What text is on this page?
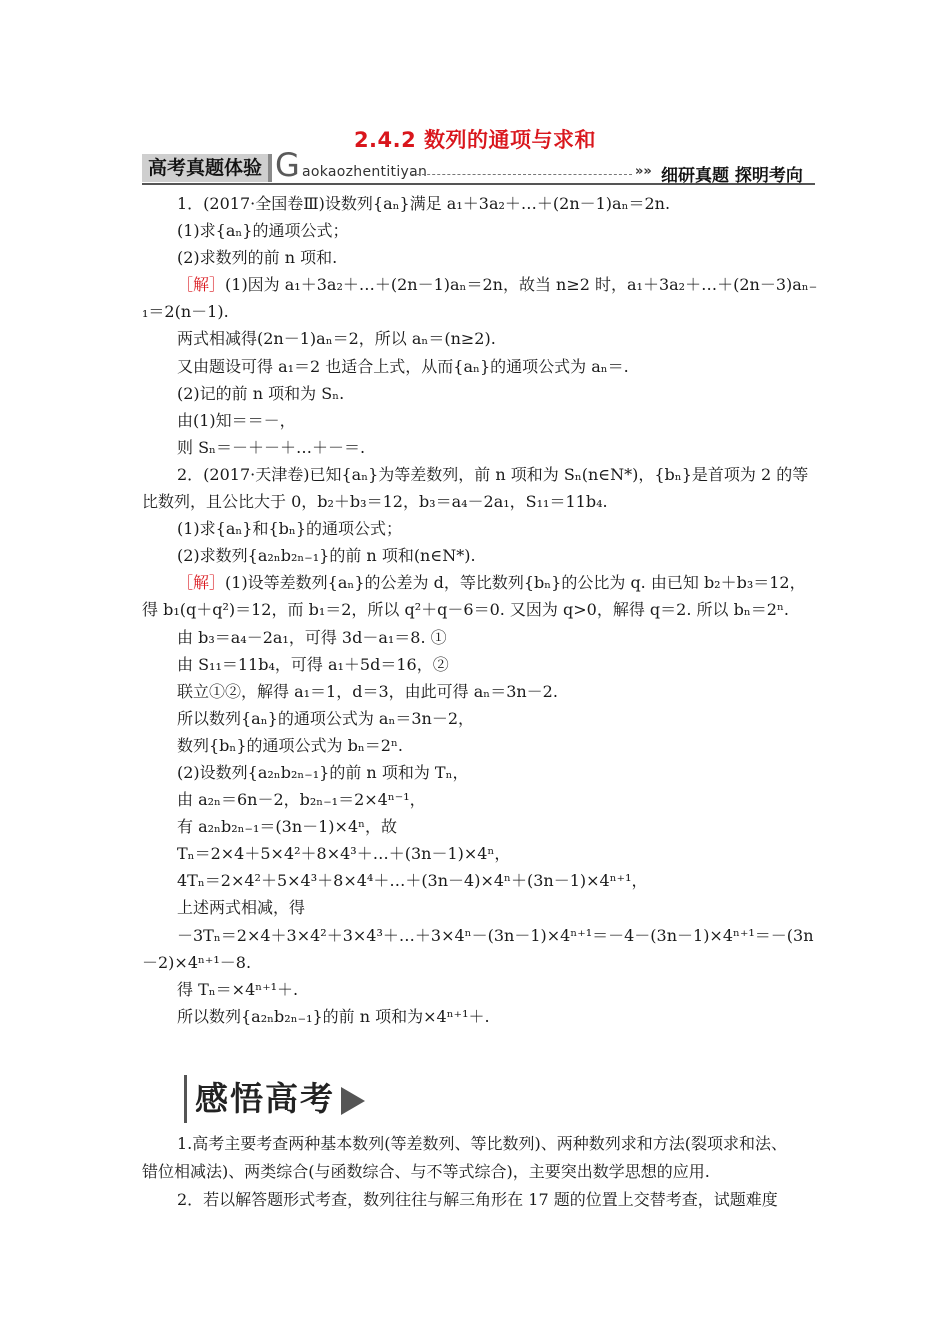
2.4.2 数列的通项与求和
高考真题体验 G aokaozhentitiyan	»» 细研真题 探明考向
1．(2017·全国卷Ⅲ)设数列{aₙ}满足 a₁＋3a₂＋…＋(2n－1)aₙ＝2n.
(1)求{aₙ}的通项公式；
(2)求数列的前 n 项和.
［解］(1)因为 a₁＋3a₂＋…＋(2n－1)aₙ＝2n，故当 n≥2 时，a₁＋3a₂＋…＋(2n－3)aₙ₋
₁＝2(n－1).
两式相减得(2n－1)aₙ＝2，所以 aₙ＝(n≥2).
又由题设可得 a₁＝2 也适合上式，从而{aₙ}的通项公式为 aₙ＝.
(2)记的前 n 项和为 Sₙ.
由(1)知＝＝－，
则 Sₙ＝－＋－＋…＋－＝.
2．(2017·天津卷)已知{aₙ}为等差数列，前 n 项和为 Sₙ(n∈N*)，{bₙ}是首项为 2 的等
比数列，且公比大于 0，b₂＋b₃＝12，b₃＝a₄－2a₁，S₁₁＝11b₄.
(1)求{aₙ}和{bₙ}的通项公式；
(2)求数列{a₂ₙb₂ₙ₋₁}的前 n 项和(n∈N*).
［解］(1)设等差数列{aₙ}的公差为 d，等比数列{bₙ}的公比为 q. 由已知 b₂＋b₃＝12，
得 b₁(q＋q²)＝12，而 b₁＝2，所以 q²＋q－6＝0. 又因为 q>0，解得 q＝2. 所以 bₙ＝2ⁿ.
由 b₃＝a₄－2a₁，可得 3d－a₁＝8. ①
由 S₁₁＝11b₄，可得 a₁＋5d＝16，②
联立①②，解得 a₁＝1，d＝3，由此可得 aₙ＝3n－2.
所以数列{aₙ}的通项公式为 aₙ＝3n－2，
数列{bₙ}的通项公式为 bₙ＝2ⁿ.
(2)设数列{a₂ₙb₂ₙ₋₁}的前 n 项和为 Tₙ，
由 a₂ₙ＝6n－2，b₂ₙ₋₁＝2×4ⁿ⁻¹，
有 a₂ₙb₂ₙ₋₁＝(3n－1)×4ⁿ，故
Tₙ＝2×4＋5×4²＋8×4³＋…＋(3n－1)×4ⁿ，
4Tₙ＝2×4²＋5×4³＋8×4⁴＋…＋(3n－4)×4ⁿ＋(3n－1)×4ⁿ⁺¹，
上述两式相减，得
－3Tₙ＝2×4＋3×4²＋3×4³＋…＋3×4ⁿ－(3n－1)×4ⁿ⁺¹＝－4－(3n－1)×4ⁿ⁺¹＝－(3n
－2)×4ⁿ⁺¹－8.
得 Tₙ＝×4ⁿ⁺¹＋.
所以数列{a₂ₙb₂ₙ₋₁}的前 n 项和为×4ⁿ⁺¹＋.
感悟高考
1.高考主要考查两种基本数列(等差数列、等比数列)、两种数列求和方法(裂项求和法、
错位相减法)、两类综合(与函数综合、与不等式综合)，主要突出数学思想的应用.
2．若以解答题形式考查，数列往往与解三角形在 17 题的位置上交替考查，试题难度
